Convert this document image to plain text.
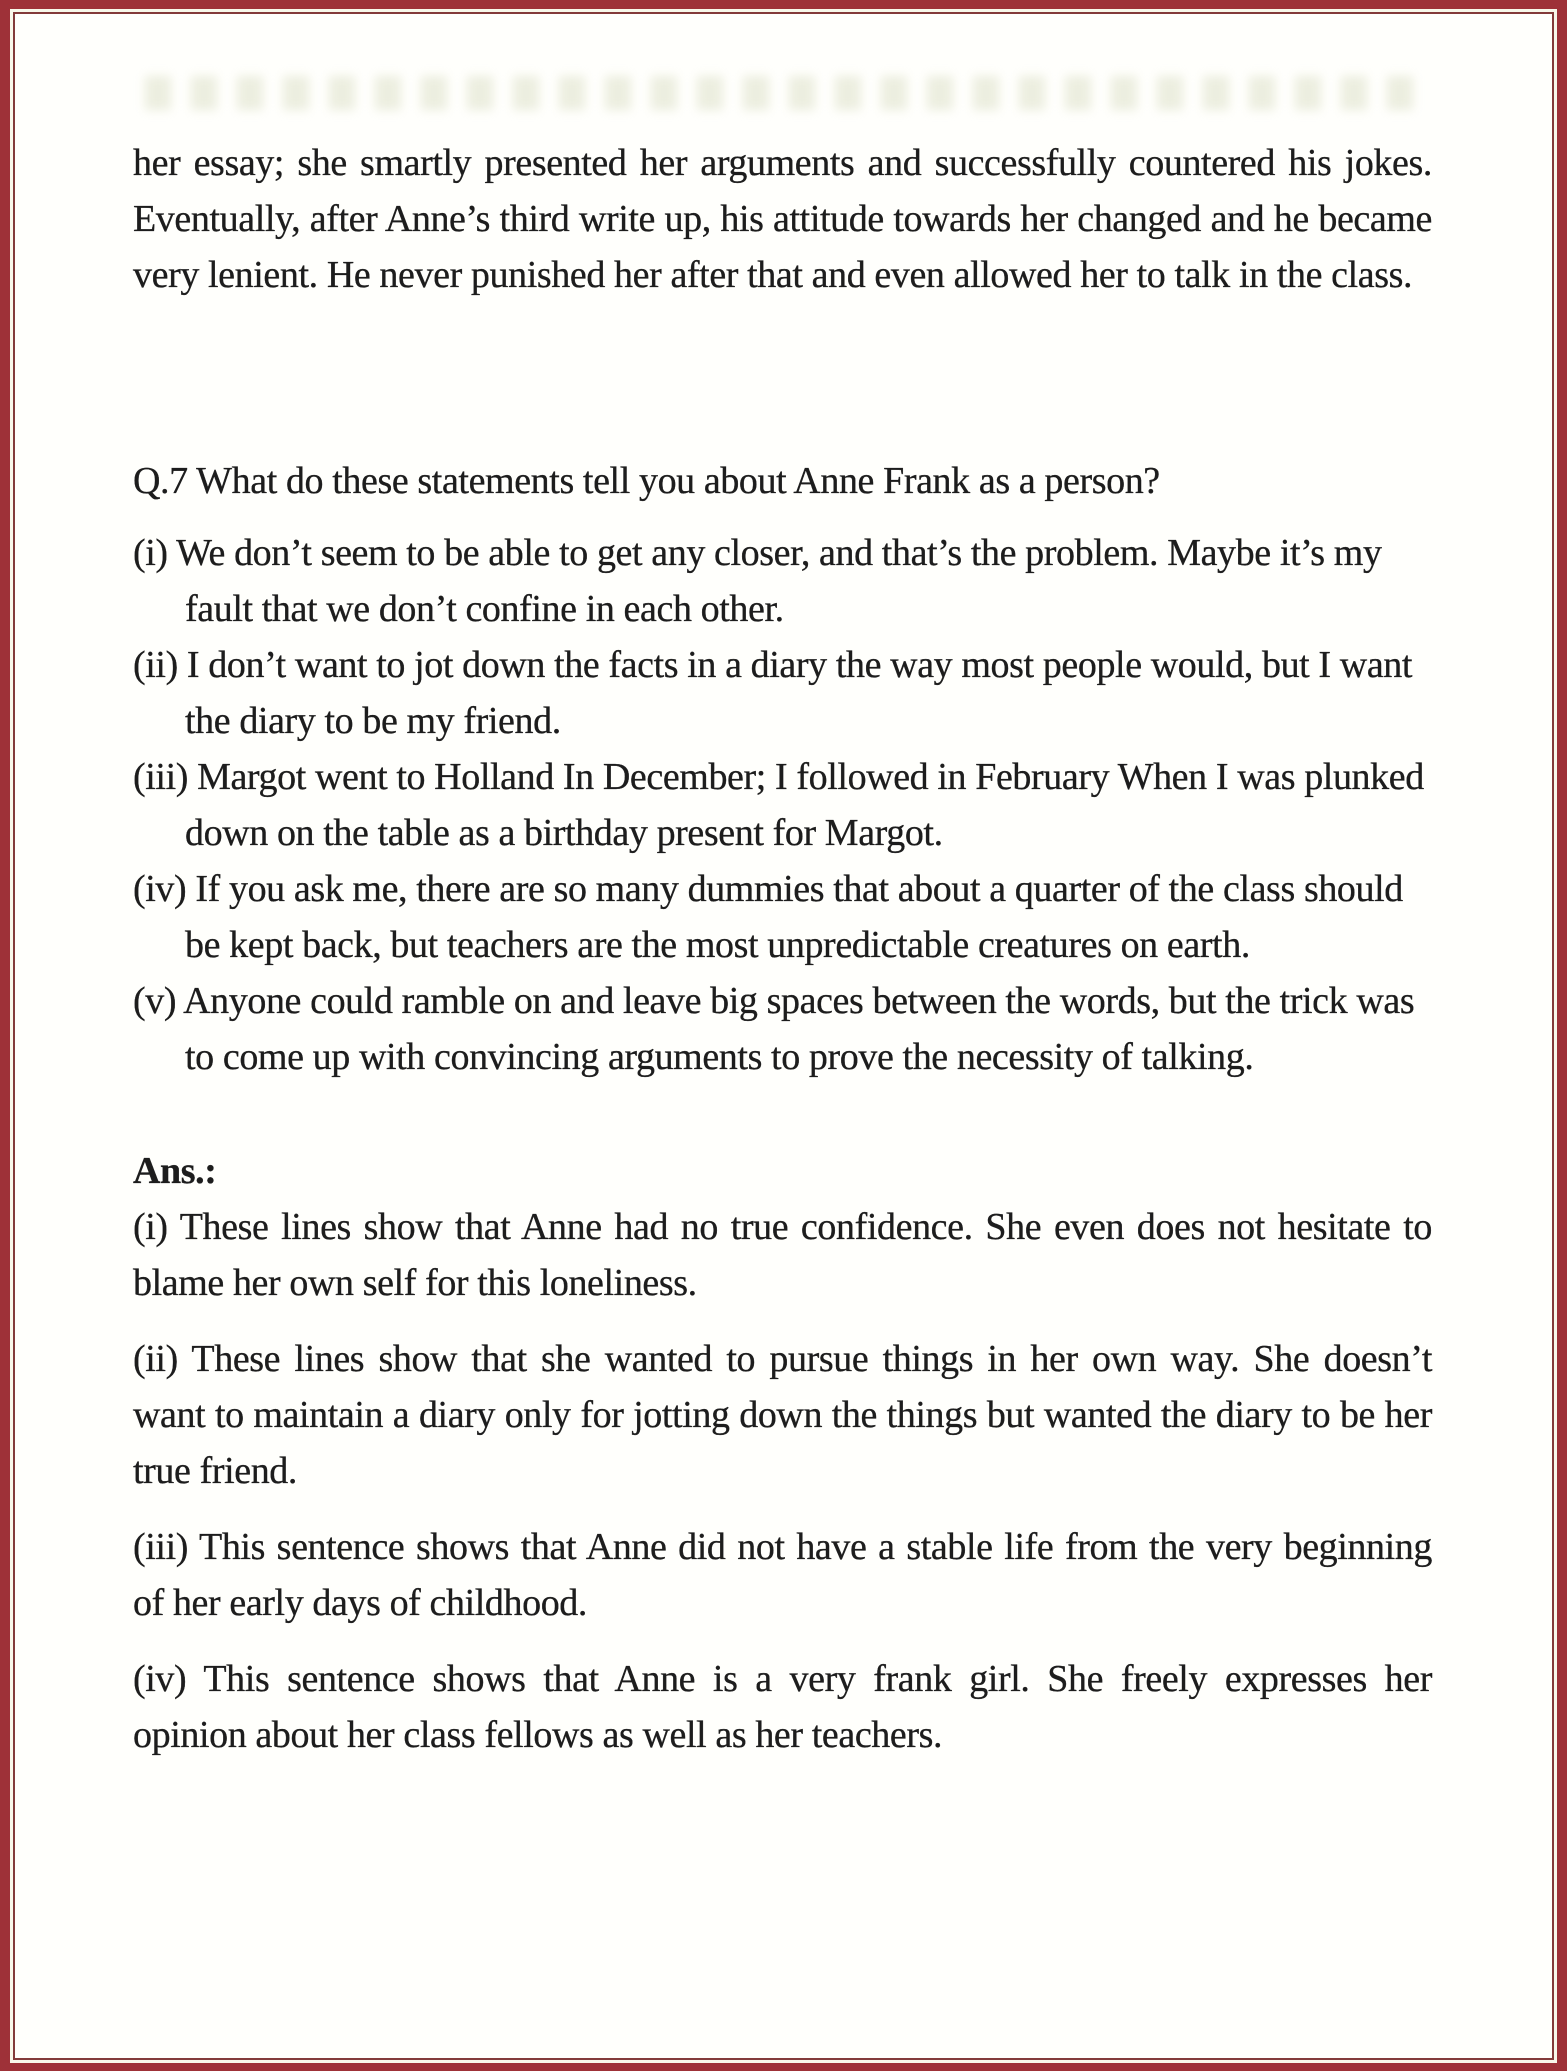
her essay; she smartly presented her arguments and successfully countered his jokes. Eventually, after Anne’s third write up, his attitude towards her changed and he became very lenient. He never punished her after that and even allowed her to talk in the class.

Q.7 What do these statements tell you about Anne Frank as a person?

(i) We don’t seem to be able to get any closer, and that’s the problem. Maybe it’s my fault that we don’t confine in each other.

(ii) I don’t want to jot down the facts in a diary the way most people would, but I want the diary to be my friend.

(iii) Margot went to Holland In December; I followed in February When I was plunked down on the table as a birthday present for Margot.

(iv) If you ask me, there are so many dummies that about a quarter of the class should be kept back, but teachers are the most unpredictable creatures on earth.

(v) Anyone could ramble on and leave big spaces between the words, but the trick was to come up with convincing arguments to prove the necessity of talking.

Ans.:

(i) These lines show that Anne had no true confidence. She even does not hesitate to blame her own self for this loneliness.

(ii) These lines show that she wanted to pursue things in her own way. She doesn’t want to maintain a diary only for jotting down the things but wanted the diary to be her true friend.

(iii) This sentence shows that Anne did not have a stable life from the very beginning of her early days of childhood.

(iv) This sentence shows that Anne is a very frank girl. She freely expresses her opinion about her class fellows as well as her teachers.
